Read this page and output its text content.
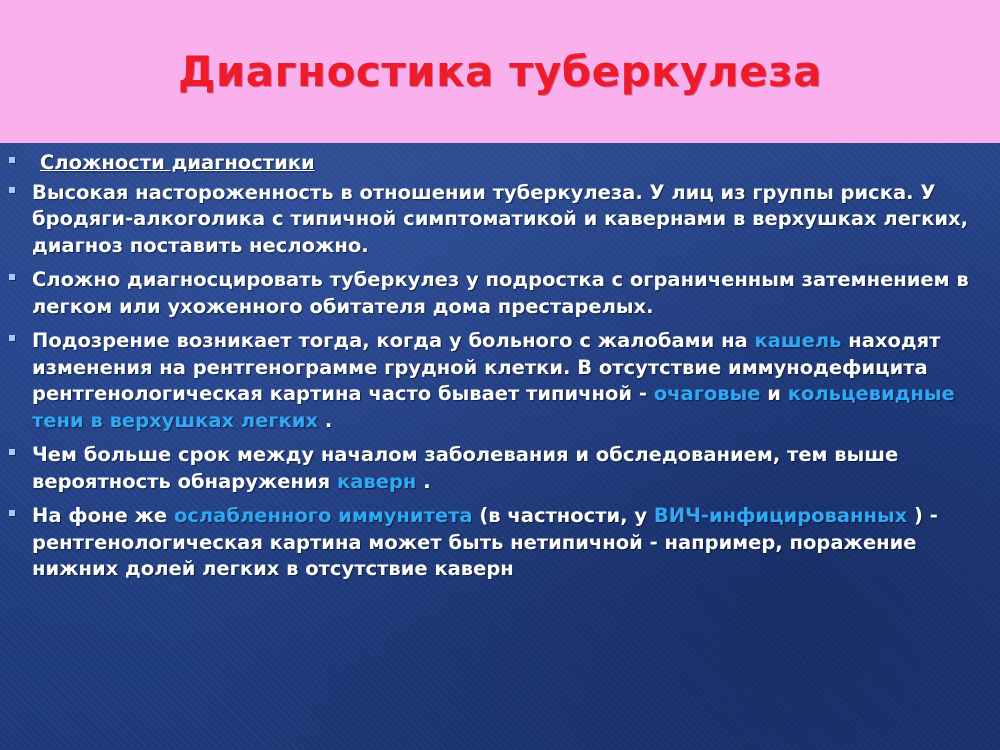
Диагностика туберкулеза
Сложности диагностики
Высокая настороженность в отношении туберкулеза. У лиц из группы риска. У бродяги-алкоголика с типичной симптоматикой и кавернами в верхушках легких, диагноз поставить несложно.
Сложно диагносцировать туберкулез у подростка с ограниченным затемнением в легком или ухоженного обитателя дома престарелых.
Подозрение возникает тогда, когда у больного с жалобами на кашель находят изменения на рентгенограмме грудной клетки. В отсутствие иммунодефицита рентгенологическая картина часто бывает типичной - очаговые и кольцевидные тени в верхушках легких .
Чем больше срок между началом заболевания и обследованием, тем выше вероятность обнаружения каверн .
На фоне же ослабленного иммунитета (в частности, у ВИЧ-инфицированных ) - рентгенологическая картина может быть нетипичной - например, поражение нижних долей легких в отсутствие каверн
